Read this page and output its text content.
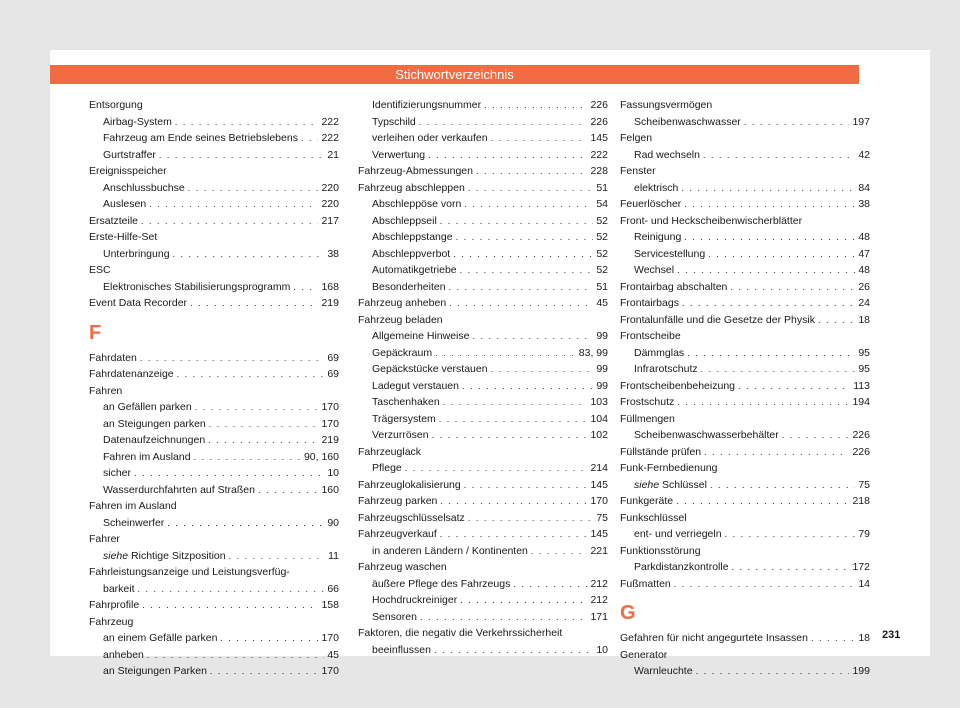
Stichwortverzeichnis
Entsorgung
Airbag-System . . .	222
Fahrzeug am Ende seines Betriebslebens . . . 222
Gurtstraffer . . .	21
Ereignisspeicher
Anschlussbuchse . . .	220
Auslesen . . .	220
Ersatzteile . . .	217
Erste-Hilfe-Set
Unterbringung . . .	38
ESC
Elektronisches Stabilisierungsprogramm . . .	168
Event Data Recorder . . .	219
F
Fahrdaten . . .	69
Fahrdatenanzeige . . .	69
Fahren
an Gefällen parken . . .	170
an Steigungen parken . . .	170
Datenaufzeichnungen . . .	219
Fahren im Ausland . . .	90, 160
sicher . . .	10
Wasserdurchfahrten auf Straßen . . .	160
Fahren im Ausland
Scheinwerfer . . .	90
Fahrer
siehe Richtige Sitzposition . . .	11
Fahrleistungsanzeige und Leistungsverfüg-
barkeit . . .	66
Fahrprofile . . .	158
Fahrzeug
an einem Gefälle parken . . .	170
anheben . . .	45
an Steigungen Parken . . .	170
Identifizierungsnummer . . .	226
Typschild . . .	226
verleihen oder verkaufen . . .	145
Verwertung . . .	222
Fahrzeug-Abmessungen . . .	228
Fahrzeug abschleppen . . .	51
Abschleppöse vorn . . .	54
Abschleppseil . . .	52
Abschleppstange . . .	52
Abschleppverbot . . .	52
Automatikgetriebe . . .	52
Besonderheiten . . .	51
Fahrzeug anheben . . .	45
Fahrzeug beladen
Allgemeine Hinweise . . .	99
Gepäckraum . . .	83, 99
Gepäckstücke verstauen . . .	99
Ladegut verstauen . . .	99
Taschenhaken . . .	103
Trägersystem . . .	104
Verzurrösen . . .	102
Fahrzeuglack
Pflege . . .	214
Fahrzeuglokalisierung . . .	145
Fahrzeug parken . . .	170
Fahrzeugschlüsselsatz . . .	75
Fahrzeugverkauf . . .	145
in anderen Ländern / Kontinenten . . .	221
Fahrzeug waschen
äußere Pflege des Fahrzeugs . . .	212
Hochdruckreiniger . . .	212
Sensoren . . .	171
Faktoren, die negativ die Verkehrssicherheit
beeinflussen . . .	10
Fassungsvermögen
Scheibenwaschwasser . . .	197
Felgen
Rad wechseln . . .	42
Fenster
elektrisch . . .	84
Feuerlöscher . . .	38
Front- und Heckscheibenwischerblätter
Reinigung . . .	48
Servicestellung . . .	47
Wechsel . . .	48
Frontairbag abschalten . . .	26
Frontairbags . . .	24
Frontalunfälle und die Gesetze der Physik . . .	18
Frontscheibe
Dämmglas . . .	95
Infrarotschutz . . .	95
Frontscheibenbeheizung . . .	113
Frostschutz . . .	194
Füllmengen
Scheibenwaschwasserbehälter . . .	226
Füllstände prüfen . . .	226
Funk-Fernbedienung
siehe Schlüssel . . .	75
Funkgeräte . . .	218
Funkschlüssel
ent- und verriegeln . . .	79
Funktionsstörung
Parkdistanzkontrolle . . .	172
Fußmatten . . .	14
G
Gefahren für nicht angegurtete Insassen . . .	18
Generator
Warnleuchte . . .	199
231
